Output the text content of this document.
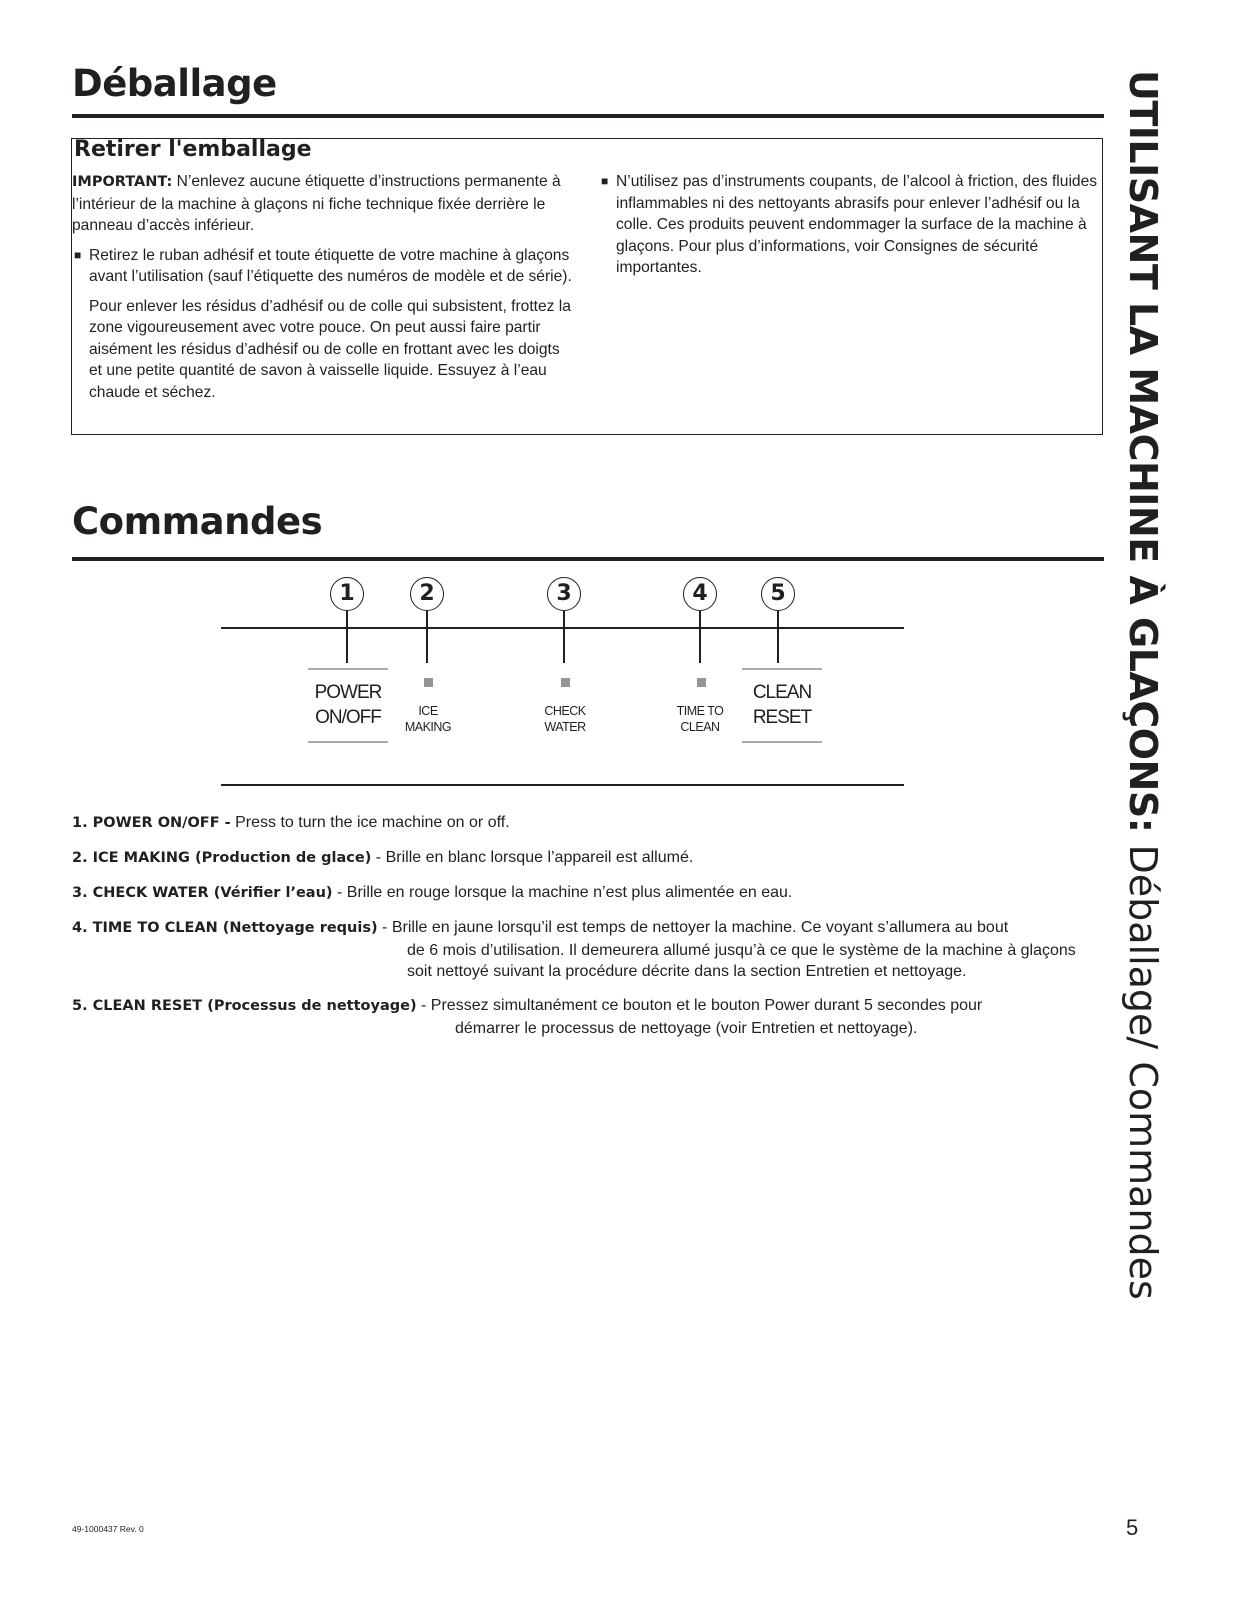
Déballage
Retirer l'emballage

IMPORTANT: N’enlevez aucune étiquette d’instructions permanente à l’intérieur de la machine à glaçons ni fiche technique fixée derrière le panneau d’accès inférieur.

■ Retirez le ruban adhésif et toute étiquette de votre machine à glaçons avant l’utilisation (sauf l’étiquette des numéros de modèle et de série).

Pour enlever les résidus d’adhésif ou de colle qui subsistent, frottez la zone vigoureusement avec votre pouce. On peut aussi faire partir aisément les résidus d’adhésif ou de colle en frottant avec les doigts et une petite quantité de savon à vaisselle liquide. Essuyez à l’eau chaude et séchez.

■ N’utilisez pas d’instruments coupants, de l’alcool à friction, des fluides inflammables ni des nettoyants abrasifs pour enlever l’adhésif ou la colle. Ces produits peuvent endommager la surface de la machine à glaçons. Pour plus d’informations, voir Consignes de sécurité importantes.

Commandes
1	2	3	4	5
POWER
ON/OFF	ICE
MAKING
CHECK
WATER
TIME TO
CLEAN
CLEAN
RESET

1. POWER ON/OFF - Press to turn the ice machine on or off.

2. ICE MAKING (Production de glace) - Brille en blanc lorsque l’appareil est allumé.

3. CHECK WATER (Vérifier l’eau) - Brille en rouge lorsque la machine n’est plus alimentée en eau.

4. TIME TO CLEAN (Nettoyage requis) - Brille en jaune lorsqu’il est temps de nettoyer la machine. Ce voyant s’allumera au bout
de 6 mois d’utilisation. Il demeurera allumé jusqu’à ce que le système de la machine à glaçons soit nettoyé suivant la procédure décrite dans la section Entretien et nettoyage.

5. CLEAN RESET (Processus de nettoyage) - Pressez simultanément ce bouton et le bouton Power durant 5 secondes pour
démarrer le processus de nettoyage (voir Entretien et nettoyage).

UTILISANT LA MACHINE À GLAÇONS: Déballage/ Commandes
49-1000437 Rev. 0	5
